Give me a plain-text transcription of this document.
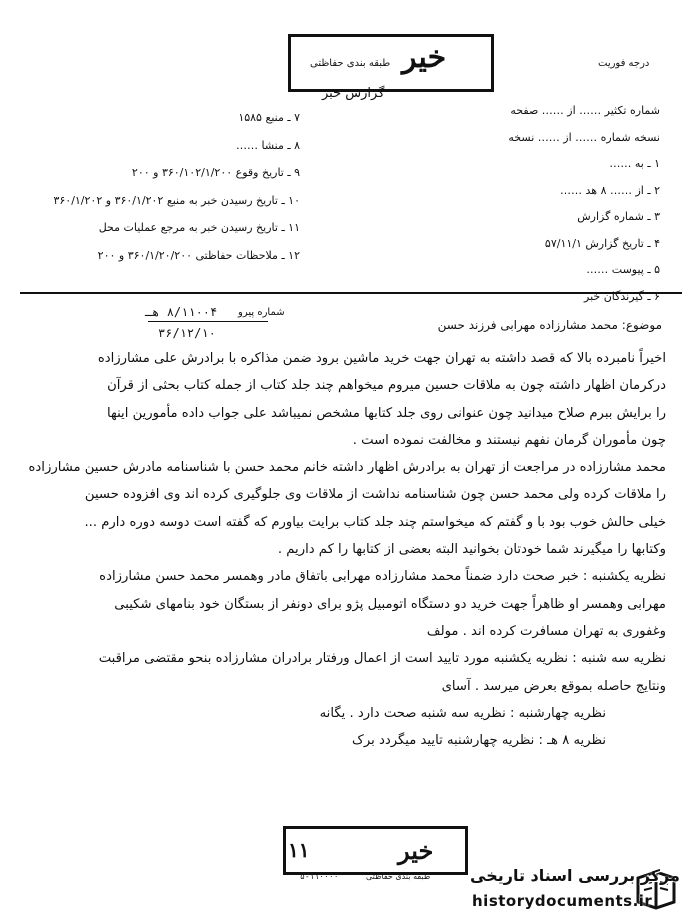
خیر
طبقه بندی حفاظتی
گزارش خبر
درجه فوریت
شماره تکثیر …… از …… صفحه
نسخه شماره …… از …… نسخه
۱ ـ به ……
۲ ـ از …… ۸ هد ……
۳ ـ شماره گزارش
۴ ـ تاریخ گزارش ۵۷/۱۱/۱
۵ ـ پیوست ……
۶ ـ گیرندگان خبر
۷ ـ منبع ۱۵۸۵
۸ ـ منشا ……
۹ ـ تاریخ وقوع ۳۶۰/۱۰۲/۱/۲۰۰ و ۲۰۰
۱۰ ـ تاریخ رسیدن خبر به منبع ۳۶۰/۱/۲۰۲ و ۳۶۰/۱/۲۰۲
۱۱ ـ تاریخ رسیدن خبر به مرجع عملیات محل
۱۲ ـ ملاحظات حفاظتی ۳۶۰/۱/۲۰/۲۰۰ و ۲۰۰
شماره پیرو
۸/۱۱۰۰۴ هـ
۳۶/۱۲/۱۰
موضوع: محمد مشارزاده مهرابی فرزند حسن
اخیراً نامبرده بالا که قصد داشته به تهران جهت خرید ماشین برود ضمن مذاکره با برادرش علی مشارزاده
درکرمان اظهار داشته چون به ملاقات حسین میروم میخواهم چند جلد کتاب از جمله کتاب بحثی از قرآن
را برایش ببرم صلاح میدانید چون عنوانی روی جلد کتابها مشخص نمیباشد علی جواب داده مأمورین اینها
چون مأموران گرمان نفهم نیستند و مخالفت نموده است .
محمد مشارزاده در مراجعت از تهران به برادرش اظهار داشته خانم محمد حسن با شناسنامه مادرش حسین مشارزاده
را ملاقات کرده ولی محمد حسن چون شناسنامه نداشت از ملاقات وی جلوگیری کرده اند وی افزوده حسین
خیلی حالش خوب بود با و گفتم که میخواستم چند جلد کتاب برایت بیاورم که گفته است دوسه دوره دارم ...
وکتابها را میگیرند شما خودتان بخوانید البته بعضی از کتابها را کم داریم .
نظریه یکشنبه : خبر صحت دارد ضمناً محمد مشارزاده مهرابی باتفاق مادر وهمسر محمد حسن مشارزاده
مهرابی وهمسر او ظاهراً جهت خرید دو دستگاه اتومبیل پژو برای دونفر از بستگان خود بنامهای شکیبی
وغفوری به تهران مسافرت کرده اند . مولف
نظریه سه شنبه : نظریه یکشنبه مورد تایید است از اعمال ورفتار برادران مشارزاده بنحو مقتضی مراقبت
ونتایج حاصله بموقع بعرض میرسد . آسای
نظریه چهارشنبه : نظریه سه شنبه صحت دارد . یگانه
نظریه ۸ هـ : نظریه چهارشنبه تایید میگردد برک
خیر
۱۱
طبقه بندی حفاظتی
۵-۱۱۰۰۰۰	مرکز بررسی اسناد تاریخی
historydocuments.ir
